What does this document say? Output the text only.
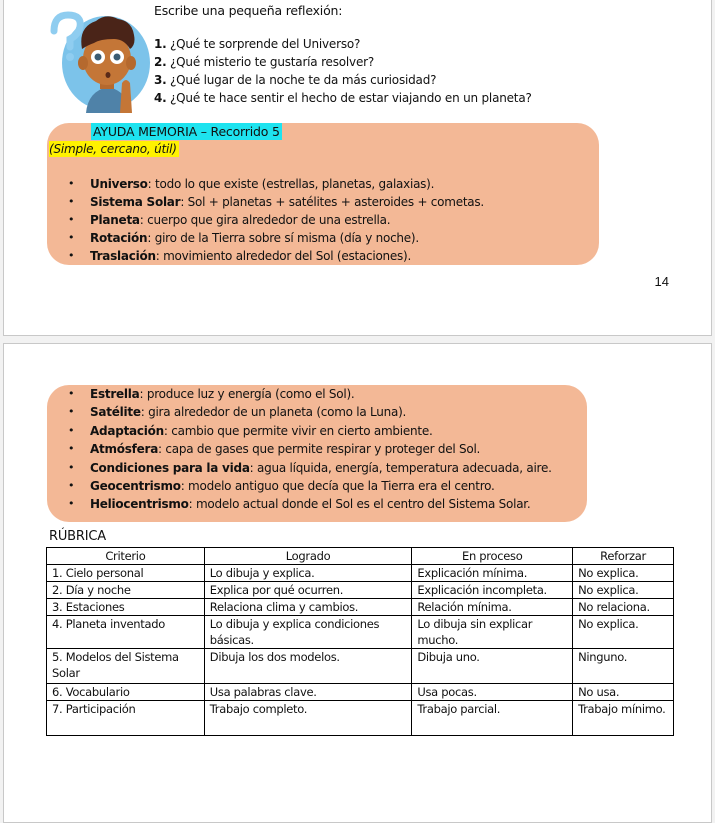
Escribe una pequeña reflexión:
1. ¿Qué te sorprende del Universo?
2. ¿Qué misterio te gustaría resolver?
3. ¿Qué lugar de la noche te da más curiosidad?
4. ¿Qué te hace sentir el hecho de estar viajando en un planeta?
AYUDA MEMORIA – Recorrido 5
(Simple, cercano, útil)
•	Universo: todo lo que existe (estrellas, planetas, galaxias).
•	Sistema Solar: Sol + planetas + satélites + asteroides + cometas.
•	Planeta: cuerpo que gira alrededor de una estrella.
•	Rotación: giro de la Tierra sobre sí misma (día y noche).
•	Traslación: movimiento alrededor del Sol (estaciones).
14
•	Estrella: produce luz y energía (como el Sol).
•	Satélite: gira alrededor de un planeta (como la Luna).
•	Adaptación: cambio que permite vivir en cierto ambiente.
•	Atmósfera: capa de gases que permite respirar y proteger del Sol.
•	Condiciones para la vida: agua líquida, energía, temperatura adecuada, aire.
•	Geocentrismo: modelo antiguo que decía que la Tierra era el centro.
•	Heliocentrismo: modelo actual donde el Sol es el centro del Sistema Solar.
RÚBRICA
Criterio	Logrado	En proceso	Reforzar
1. Cielo personal	Lo dibuja y explica.	Explicación mínima.	No explica.
2. Día y noche	Explica por qué ocurren.	Explicación incompleta.	No explica.
3. Estaciones	Relaciona clima y cambios.	Relación mínima.	No relaciona.
4. Planeta inventado	Lo dibuja y explica condiciones básicas.	Lo dibuja sin explicar mucho.	No explica.
5. Modelos del Sistema Solar	Dibuja los dos modelos.	Dibuja uno.	Ninguno.
6. Vocabulario	Usa palabras clave.	Usa pocas.	No usa.
7. Participación	Trabajo completo.	Trabajo parcial.	Trabajo mínimo.
